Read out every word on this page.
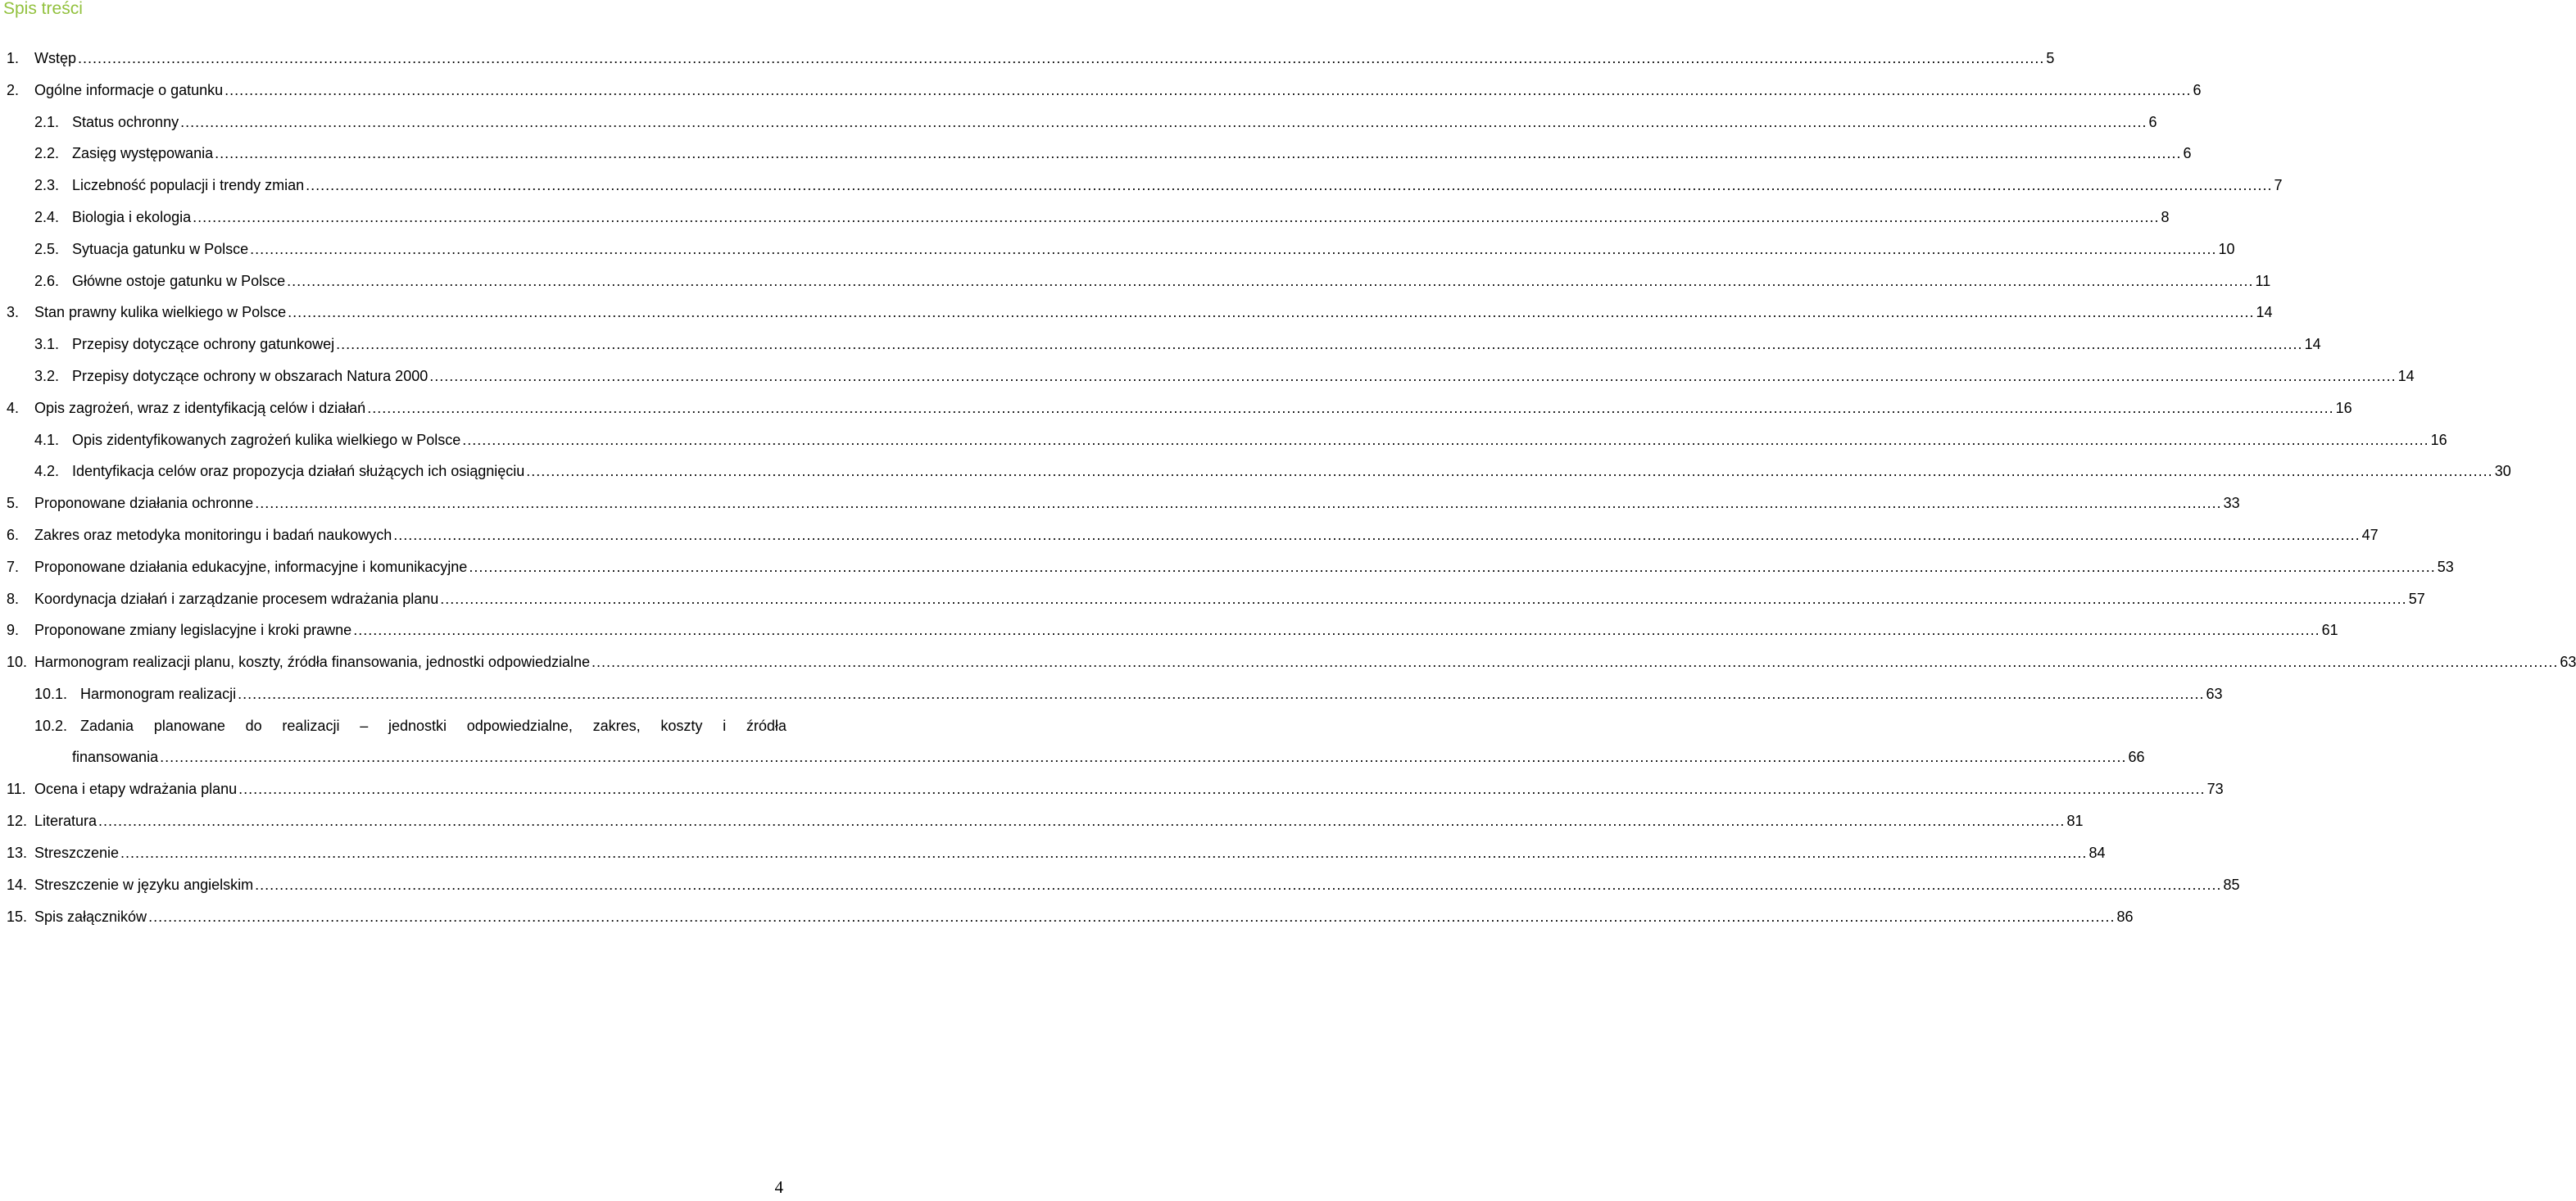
Spis treści
1. Wstęp ................................................................................................................................................................................................................................................................................................................................................................................................................ 5
2. Ogólne informacje o gatunku ................................................................................................................................................................................................................................................................................................................................................................................................................ 6
2.1. Status ochronny ................................................................................................................................................................................................................................................................................................................................................................................................................ 6
2.2. Zasięg występowania ................................................................................................................................................................................................................................................................................................................................................................................................................ 6
2.3. Liczebność populacji i trendy zmian ................................................................................................................................................................................................................................................................................................................................................................................................................ 7
2.4. Biologia i ekologia ................................................................................................................................................................................................................................................................................................................................................................................................................ 8
2.5. Sytuacja gatunku w Polsce ................................................................................................................................................................................................................................................................................................................................................................................................................ 10
2.6. Główne ostoje gatunku w Polsce ................................................................................................................................................................................................................................................................................................................................................................................................................ 11
3. Stan prawny kulika wielkiego w Polsce ................................................................................................................................................................................................................................................................................................................................................................................................................ 14
3.1. Przepisy dotyczące ochrony gatunkowej ................................................................................................................................................................................................................................................................................................................................................................................................................ 14
3.2. Przepisy dotyczące ochrony w obszarach Natura 2000 ................................................................................................................................................................................................................................................................................................................................................................................................................ 14
4. Opis zagrożeń, wraz z identyfikacją celów i działań ................................................................................................................................................................................................................................................................................................................................................................................................................ 16
4.1. Opis zidentyfikowanych zagrożeń kulika wielkiego w Polsce ................................................................................................................................................................................................................................................................................................................................................................................................................ 16
4.2. Identyfikacja celów oraz propozycja działań służących ich osiągnięciu ................................................................................................................................................................................................................................................................................................................................................................................................................ 30
5. Proponowane działania ochronne ................................................................................................................................................................................................................................................................................................................................................................................................................ 33
6. Zakres oraz metodyka monitoringu i badań naukowych ................................................................................................................................................................................................................................................................................................................................................................................................................ 47
7. Proponowane działania edukacyjne, informacyjne i komunikacyjne ................................................................................................................................................................................................................................................................................................................................................................................................................ 53
8. Koordynacja działań i zarządzanie procesem wdrażania planu ................................................................................................................................................................................................................................................................................................................................................................................................................ 57
9. Proponowane zmiany legislacyjne i kroki prawne ................................................................................................................................................................................................................................................................................................................................................................................................................ 61
10. Harmonogram realizacji planu, koszty, źródła finansowania, jednostki odpowiedzialne ................................................................................................................................................................................................................................................................................................................................................................................................................ 63
10.1. Harmonogram realizacji ................................................................................................................................................................................................................................................................................................................................................................................................................ 63
10.2. Zadania planowane do realizacji – jednostki odpowiedzialne, zakres, koszty i źródła
finansowania ................................................................................................................................................................................................................................................................................................................................................................................................................ 66
11. Ocena i etapy wdrażania planu ................................................................................................................................................................................................................................................................................................................................................................................................................ 73
12. Literatura ................................................................................................................................................................................................................................................................................................................................................................................................................ 81
13. Streszczenie ................................................................................................................................................................................................................................................................................................................................................................................................................ 84
14. Streszczenie w języku angielskim ................................................................................................................................................................................................................................................................................................................................................................................................................ 85
15. Spis załączników ................................................................................................................................................................................................................................................................................................................................................................................................................ 86
4
